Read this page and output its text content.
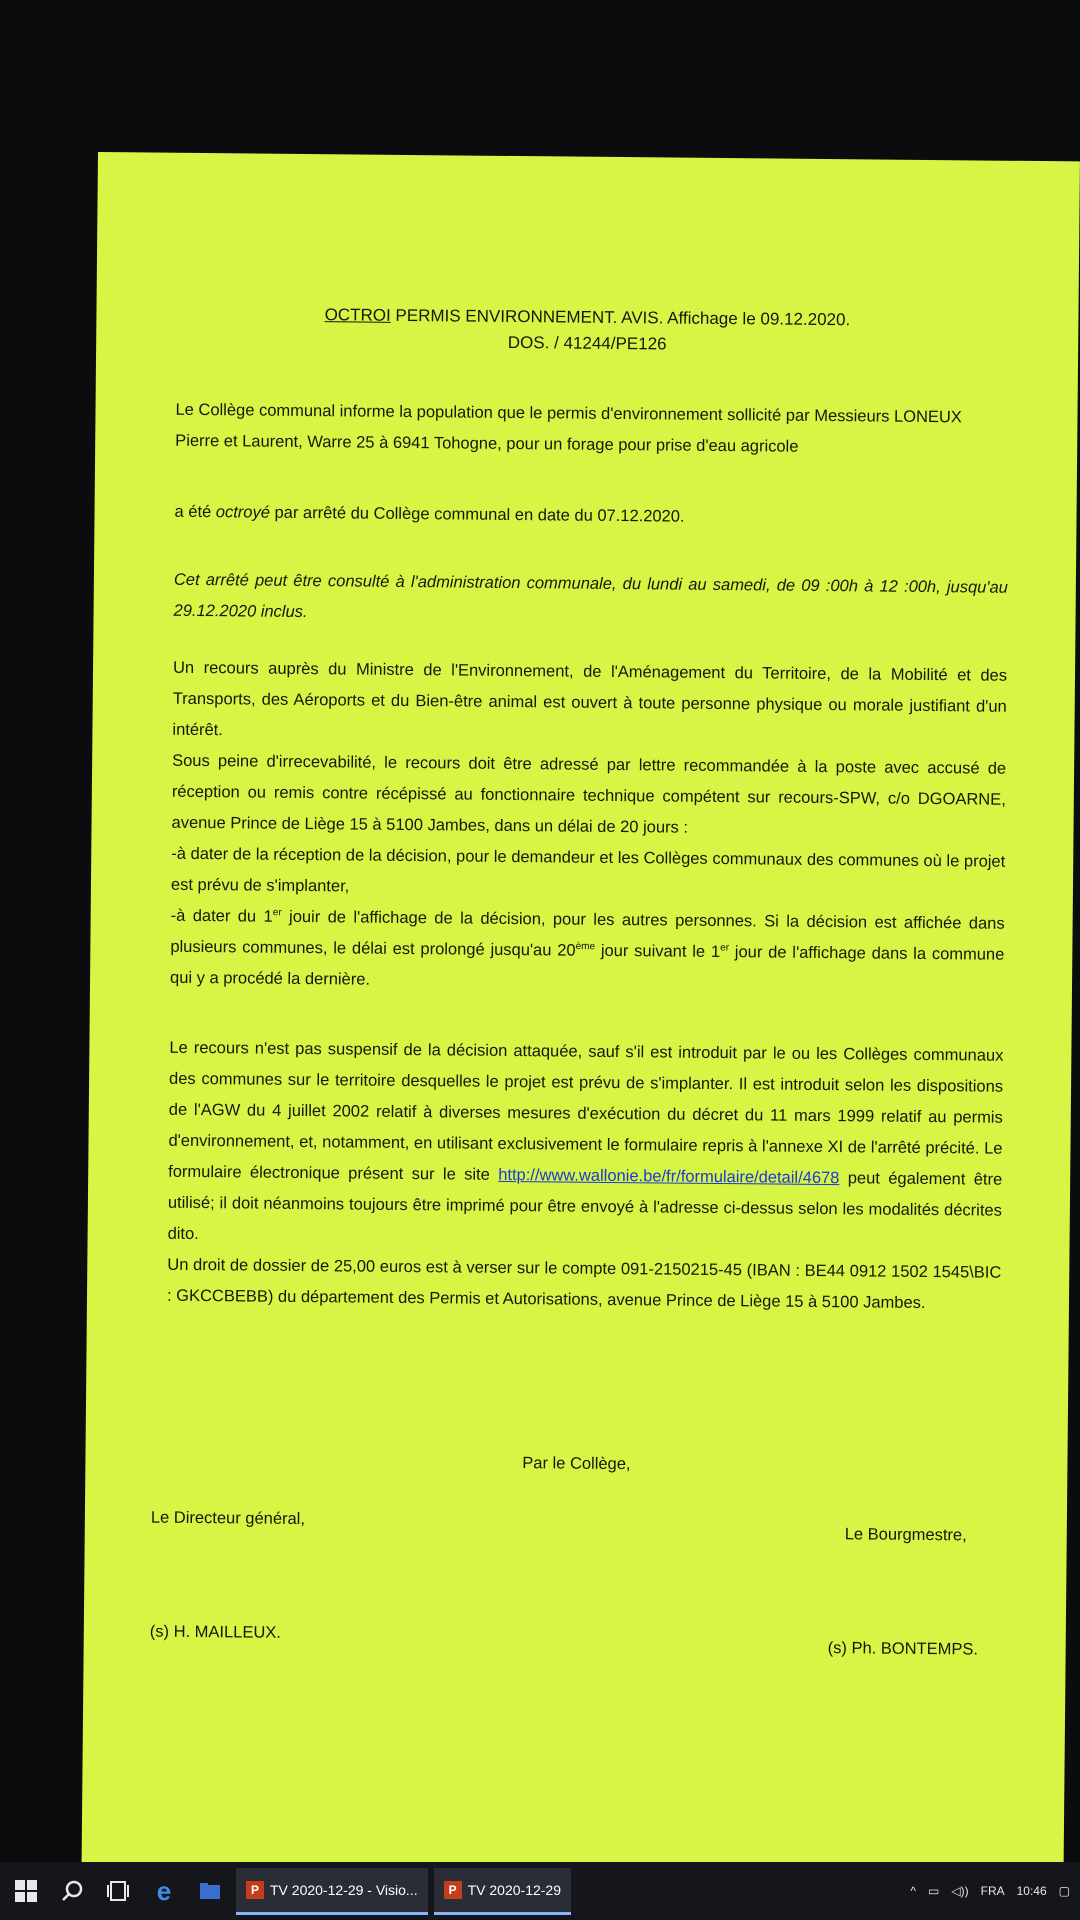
OCTROI PERMIS ENVIRONNEMENT. AVIS. Affichage le 09.12.2020.
DOS. / 41244/PE126
Le Collège communal informe la population que le permis d'environnement sollicité par Messieurs LONEUX Pierre et Laurent, Warre 25 à 6941 Tohogne, pour un forage pour prise d'eau agricole
a été octroyé par arrêté du Collège communal en date du 07.12.2020.
Cet arrêté peut être consulté à l'administration communale, du lundi au samedi, de 09 :00h à 12 :00h, jusqu'au 29.12.2020 inclus.
Un recours auprès du Ministre de l'Environnement, de l'Aménagement du Territoire, de la Mobilité et des Transports, des Aéroports et du Bien-être animal est ouvert à toute personne physique ou morale justifiant d'un intérêt.
Sous peine d'irrecevabilité, le recours doit être adressé par lettre recommandée à la poste avec accusé de réception ou remis contre récépissé au fonctionnaire technique compétent sur recours-SPW, c/o DGOARNE, avenue Prince de Liège 15 à 5100 Jambes, dans un délai de 20 jours :
-à dater de la réception de la décision, pour le demandeur et les Collèges communaux des communes où le projet est prévu de s'implanter,
-à dater du 1er jouir de l'affichage de la décision, pour les autres personnes. Si la décision est affichée dans plusieurs communes, le délai est prolongé jusqu'au 20ème jour suivant le 1er jour de l'affichage dans la commune qui y a procédé la dernière.
Le recours n'est pas suspensif de la décision attaquée, sauf s'il est introduit par le ou les Collèges communaux des communes sur le territoire desquelles le projet est prévu de s'implanter. Il est introduit selon les dispositions de l'AGW du 4 juillet 2002 relatif à diverses mesures d'exécution du décret du 11 mars 1999 relatif au permis d'environnement, et, notamment, en utilisant exclusivement le formulaire repris à l'annexe XI de l'arrêté précité. Le formulaire électronique présent sur le site http://www.wallonie.be/fr/formulaire/detail/4678 peut également être utilisé; il doit néanmoins toujours être imprimé pour être envoyé à l'adresse ci-dessus selon les modalités décrites dito.
Un droit de dossier de 25,00 euros est à verser sur le compte 091-2150215-45 (IBAN : BE44 0912 1502 1545\BIC : GKCCBEBB) du département des Permis et Autorisations, avenue Prince de Liège 15 à 5100 Jambes.
Par le Collège,
Le Directeur général,
Le Bourgmestre,
(s) H. MAILLEUX.
(s) Ph. BONTEMPS.
e	P TV 2020-12-29 - Visio...	P TV 2020-12-29	^ ▭ ◁)) FRA 10:46 ▢
